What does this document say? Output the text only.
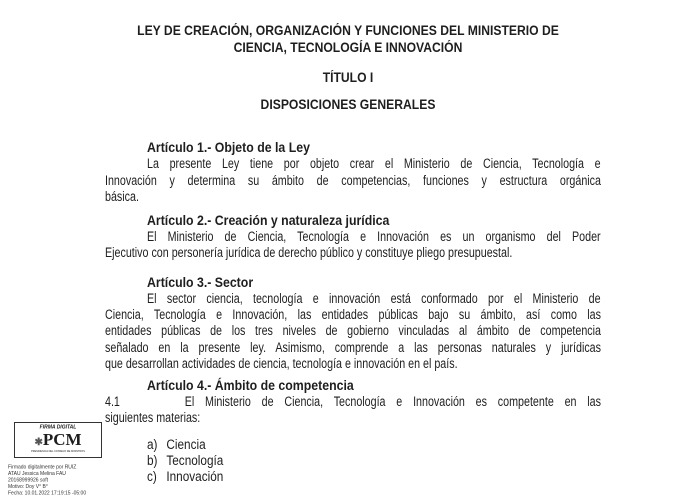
LEY DE CREACIÓN, ORGANIZACIÓN Y FUNCIONES DEL MINISTERIO DE
CIENCIA, TECNOLOGÍA E INNOVACIÓN
TÍTULO I
DISPOSICIONES GENERALES
Artículo 1.- Objeto de la Ley
La presente Ley tiene por objeto crear el Ministerio de Ciencia, Tecnología e
Innovación y determina su ámbito de competencias, funciones y estructura orgánica
básica.
Artículo 2.- Creación y naturaleza jurídica
El Ministerio de Ciencia, Tecnología e Innovación es un organismo del Poder
Ejecutivo con personería jurídica de derecho público y constituye pliego presupuestal.
Artículo 3.- Sector
El sector ciencia, tecnología e innovación está conformado por el Ministerio de
Ciencia, Tecnología e Innovación, las entidades públicas bajo su ámbito, así como las
entidades públicas de los tres niveles de gobierno vinculadas al ámbito de competencia
señalado en la presente ley. Asimismo, comprende a las personas naturales y jurídicas
que desarrollan actividades de ciencia, tecnología e innovación en el país.
Artículo 4.- Ámbito de competencia
4.1      El Ministerio de Ciencia, Tecnología e Innovación es competente en las
siguientes materias:
a) Ciencia
b) Tecnología
c) Innovación
FIRMA DIGITAL
✱PCM
PRESIDENCIA DEL CONSEJO DE MINISTROS
Firmado digitalmente por RUIZ
ATAU Jessica Melina FAU
20168999926 soft
Motivo: Doy V° B°
Fecha: 10.01.2022 17:19:15 -05:00
